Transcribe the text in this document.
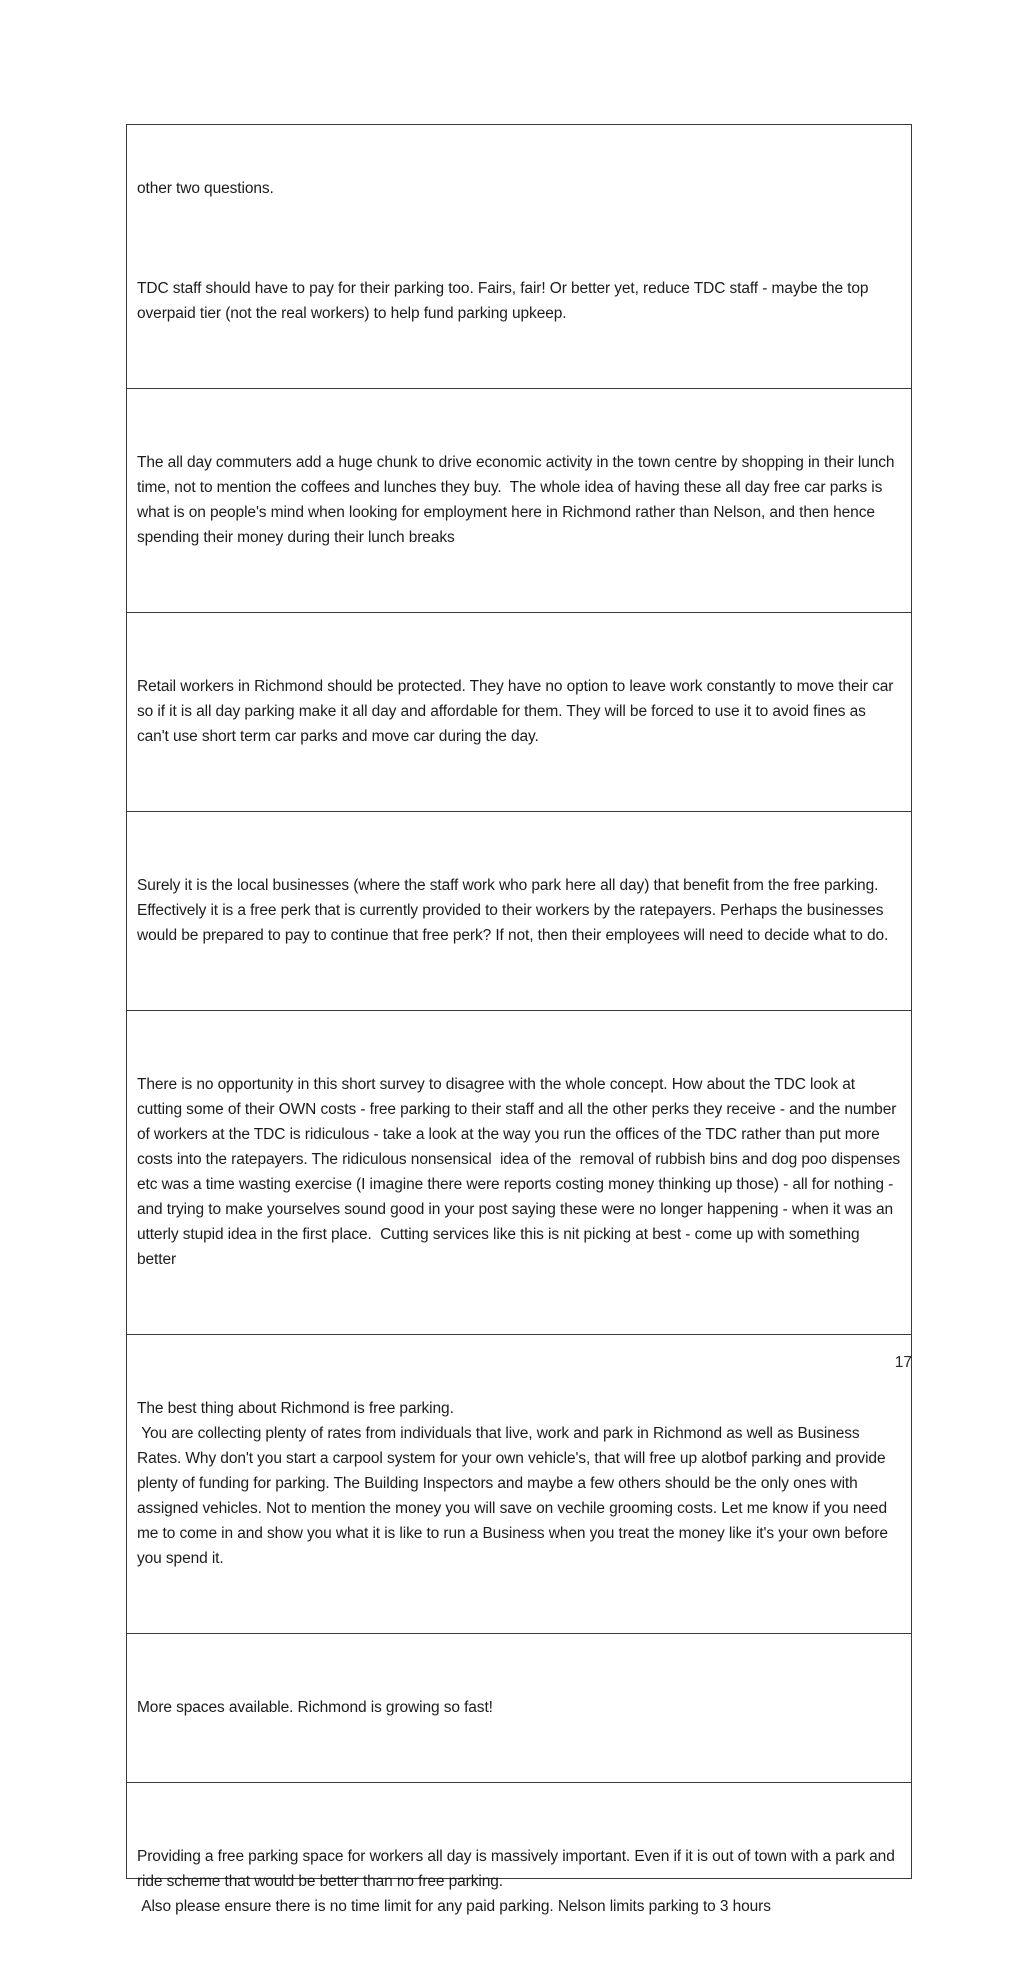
other two questions.

TDC staff should have to pay for their parking too. Fairs, fair! Or better yet, reduce TDC staff - maybe the top overpaid tier (not the real workers) to help fund parking upkeep.

The all day commuters add a huge chunk to drive economic activity in the town centre by shopping in their lunch time, not to mention the coffees and lunches they buy.  The whole idea of having these all day free car parks is what is on people's mind when looking for employment here in Richmond rather than Nelson, and then hence spending their money during their lunch breaks

Retail workers in Richmond should be protected. They have no option to leave work constantly to move their car so if it is all day parking make it all day and affordable for them. They will be forced to use it to avoid fines as can't use short term car parks and move car during the day.

Surely it is the local businesses (where the staff work who park here all day) that benefit from the free parking. Effectively it is a free perk that is currently provided to their workers by the ratepayers. Perhaps the businesses would be prepared to pay to continue that free perk? If not, then their employees will need to decide what to do.

There is no opportunity in this short survey to disagree with the whole concept. How about the TDC look at cutting some of their OWN costs - free parking to their staff and all the other perks they receive - and the number of workers at the TDC is ridiculous - take a look at the way you run the offices of the TDC rather than put more costs into the ratepayers. The ridiculous nonsensical  idea of the  removal of rubbish bins and dog poo dispenses etc was a time wasting exercise (I imagine there were reports costing money thinking up those) - all for nothing - and trying to make yourselves sound good in your post saying these were no longer happening - when it was an utterly stupid idea in the first place.  Cutting services like this is nit picking at best - come up with something better

The best thing about Richmond is free parking.
You are collecting plenty of rates from individuals that live, work and park in Richmond as well as Business Rates. Why don't you start a carpool system for your own vehicle's, that will free up alotbof parking and provide plenty of funding for parking. The Building Inspectors and maybe a few others should be the only ones with assigned vehicles. Not to mention the money you will save on vechile grooming costs. Let me know if you need me to come in and show you what it is like to run a Business when you treat the money like it's your own before you spend it.

More spaces available. Richmond is growing so fast!

Providing a free parking space for workers all day is massively important. Even if it is out of town with a park and ride scheme that would be better than no free parking.
Also please ensure there is no time limit for any paid parking. Nelson limits parking to 3 hours

17
